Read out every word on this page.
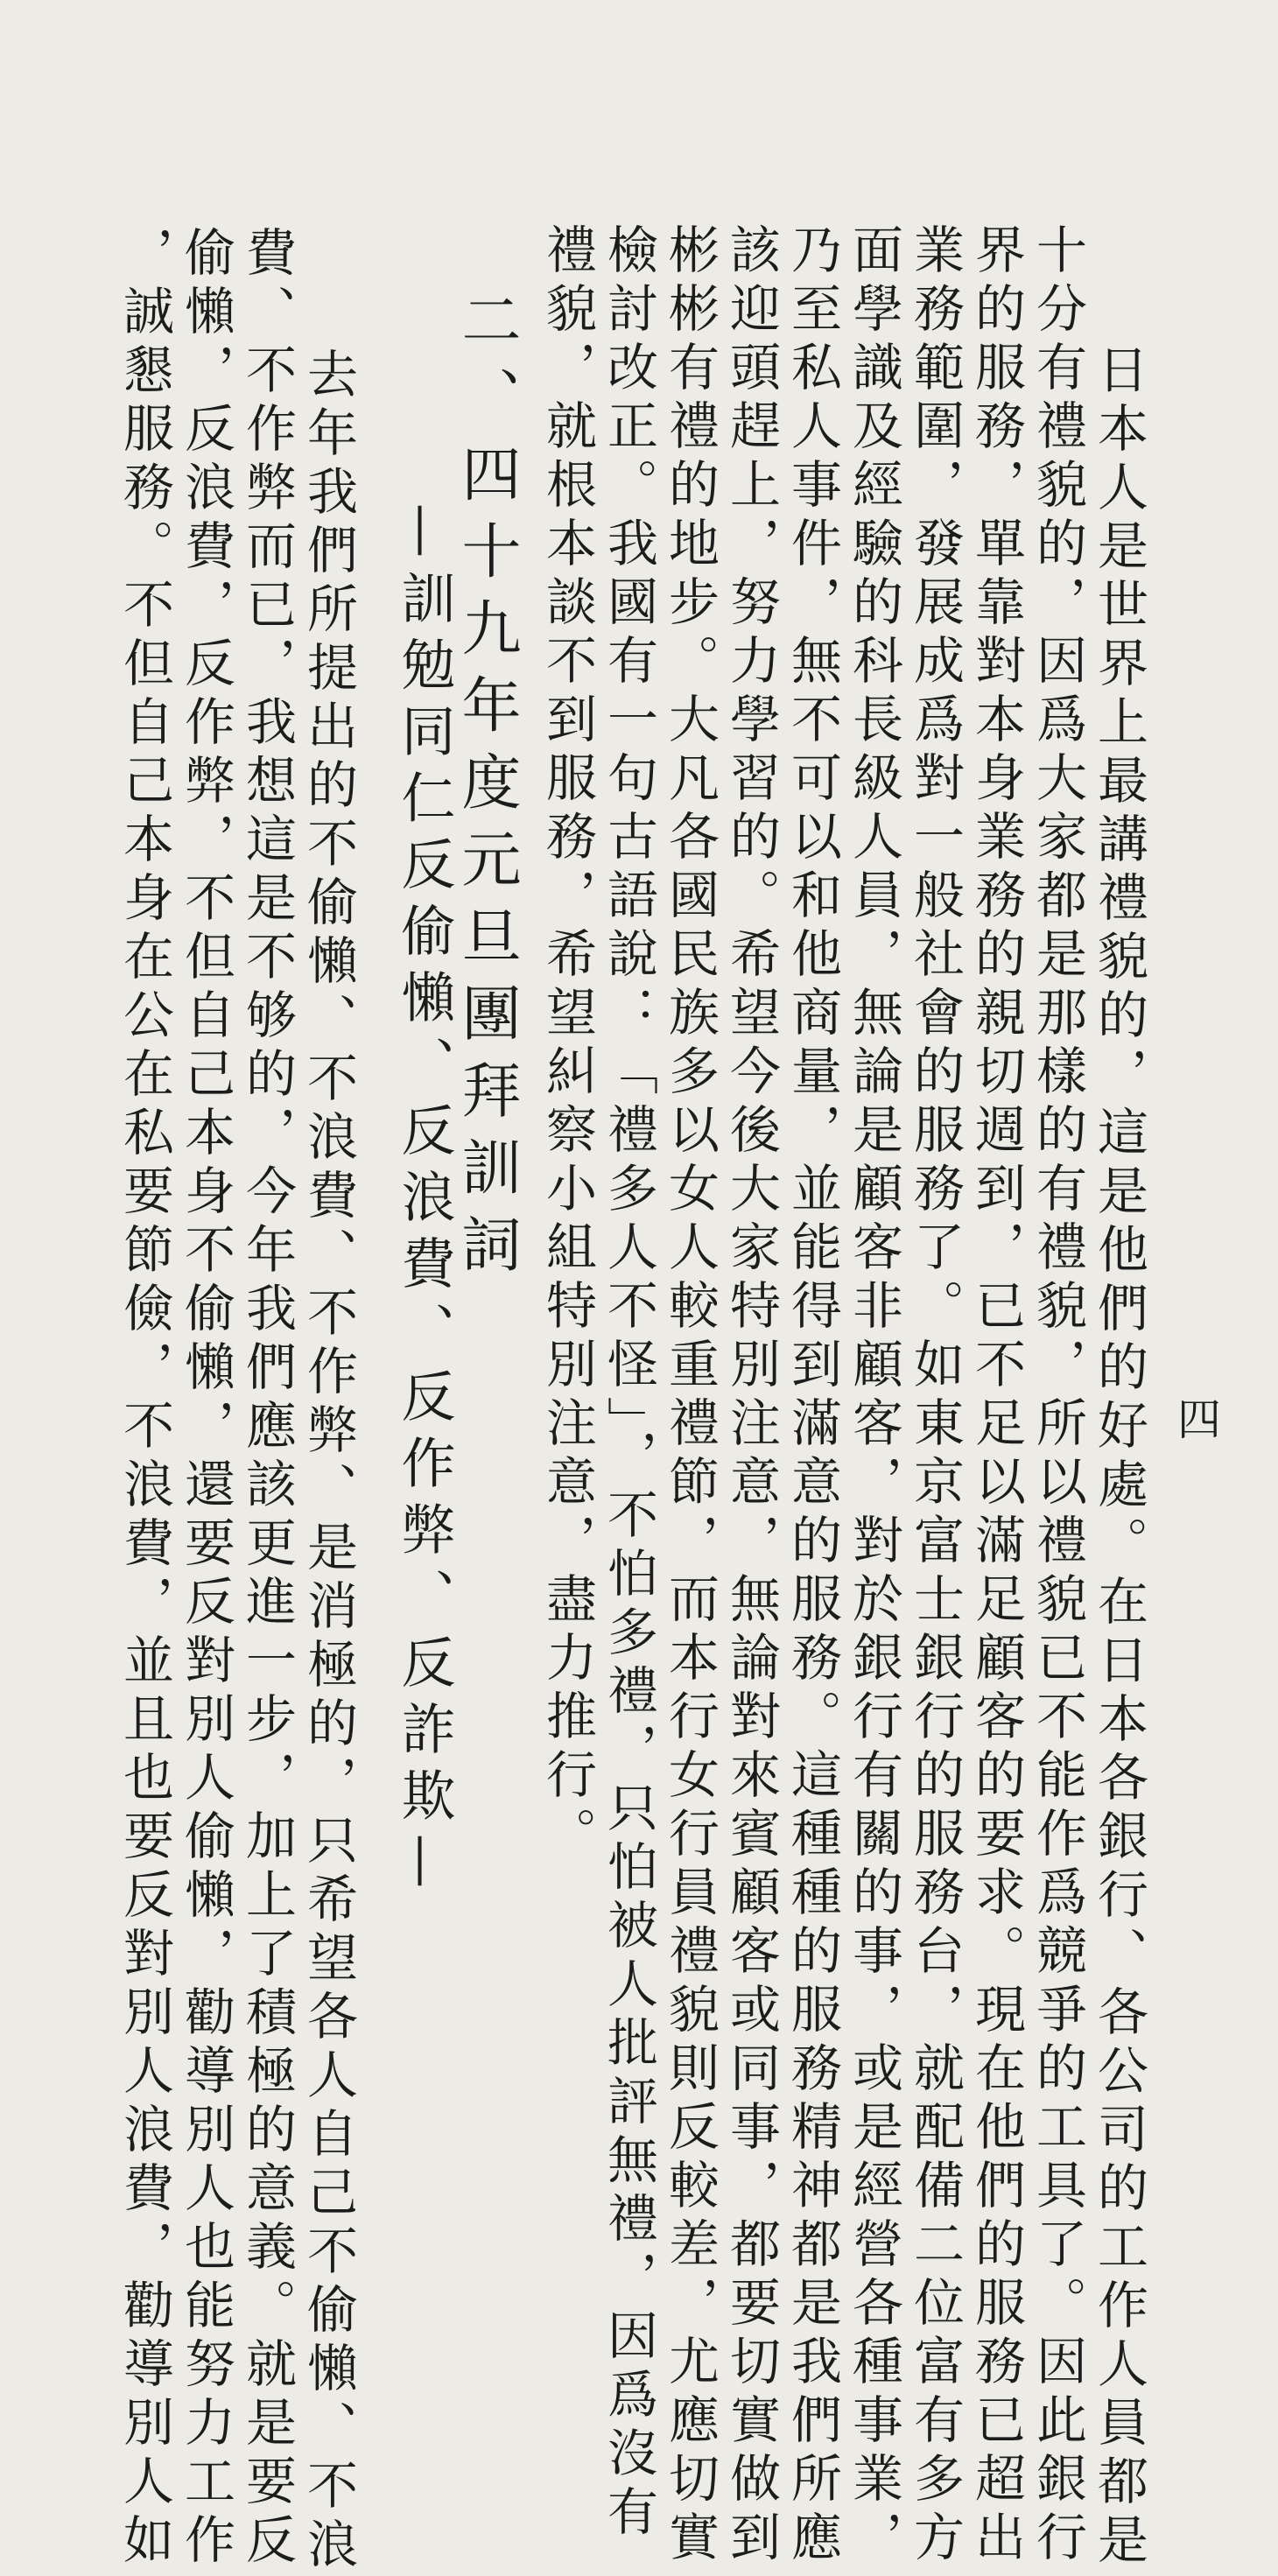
四
　日本人是世界上最講禮貌的，這是他們的好處。在日本各銀行、各公司的工作人員都是
十分有禮貌的，因爲大家都是那樣的有禮貌，所以禮貌已不能作爲競爭的工具了。因此銀行
界的服務，單靠對本身業務的親切週到，已不足以滿足顧客的要求。現在他們的服務已超出
業務範圍，發展成爲對一般社會的服務了。如東京富士銀行的服務台，就配備二位富有多方
面學識及經驗的科長級人員，無論是顧客非顧客，對於銀行有關的事，或是經營各種事業，
乃至私人事件，無不可以和他商量，並能得到滿意的服務。這種種的服務精神都是我們所應
該迎頭趕上，努力學習的。希望今後大家特別注意，無論對來賓顧客或同事，都要切實做到
彬彬有禮的地步。大凡各國民族多以女人較重禮節，而本行女行員禮貌則反較差，尤應切實
檢討改正。我國有一句古語說：「禮多人不怪」，不怕多禮，只怕被人批評無禮，因爲沒有
禮貌，就根本談不到服務，希望糾察小組特別注意，盡力推行。
二、四十九年度元旦團拜訓詞
—訓勉同仁反偷懶、反浪費、反作弊、反詐欺—
　去年我們所提出的不偷懶、不浪費、不作弊、是消極的，只希望各人自己不偷懶、不浪
費、不作弊而已，我想這是不够的，今年我們應該更進一步，加上了積極的意義。就是要反
偷懶，反浪費，反作弊，不但自己本身不偷懶，還要反對別人偷懶，勸導別人也能努力工作
，誠懇服務。不但自己本身在公在私要節儉，不浪費，並且也要反對別人浪費，勸導別人如
